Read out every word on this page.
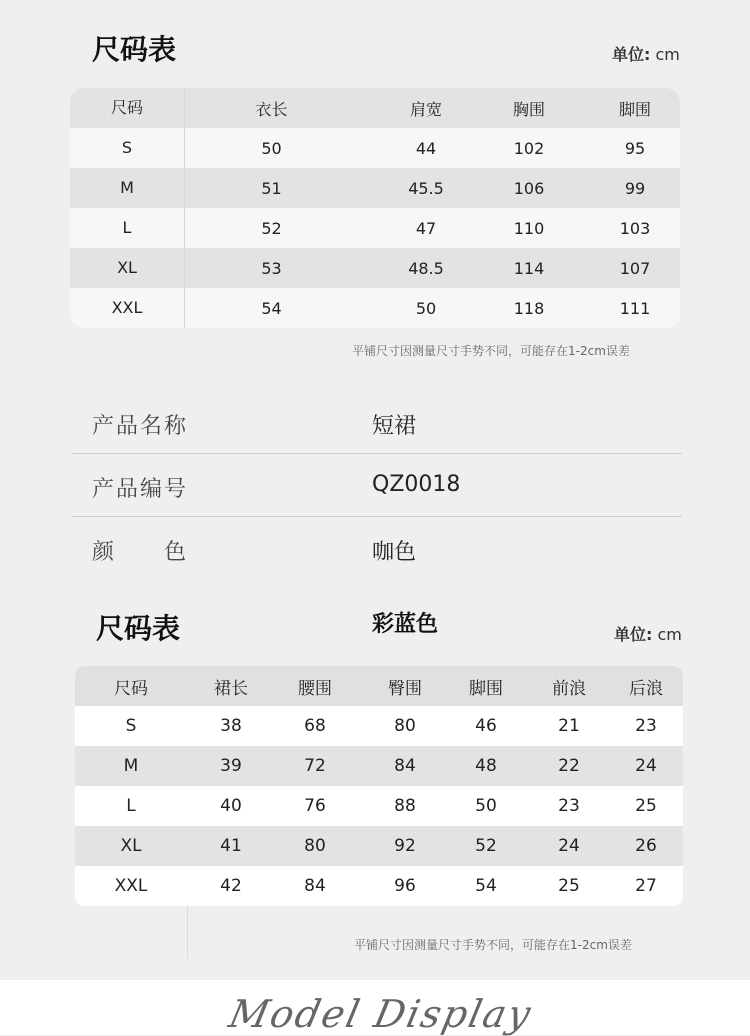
尺码表	单位: cm
尺码	衣长	肩宽	胸围	脚围
S	50	44	102	95
M	51	45.5	106	99
L	52	47	110	103
XL	53	48.5	114	107
XXL	54	50	118	111
平铺尺寸因测量尺寸手势不同，可能存在1-2cm误差
产品名称	短裙
产品编号	QZ0018
颜　　色	咖色
尺码表	彩蓝色	单位: cm
尺码	裙长	腰围	臀围	脚围	前浪	后浪
S	38	68	80	46	21	23
M	39	72	84	48	22	24
L	40	76	88	50	23	25
XL	41	80	92	52	24	26
XXL	42	84	96	54	25	27
平铺尺寸因测量尺寸手势不同，可能存在1-2cm误差
Model Display
